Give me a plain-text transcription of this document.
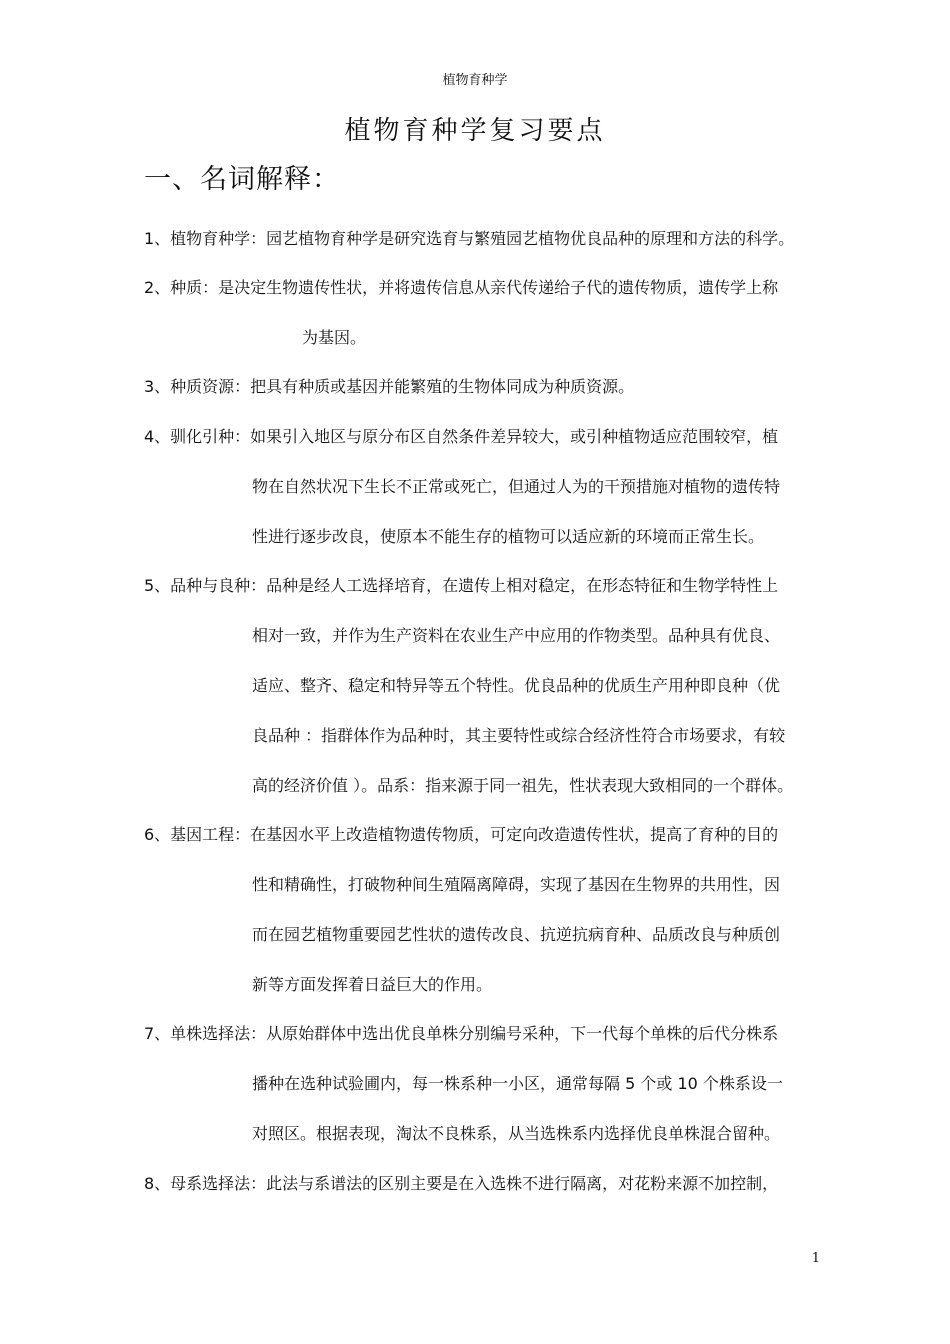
植物育种学
植物育种学复习要点
一、名词解释：
1、植物育种学：园艺植物育种学是研究选育与繁殖园艺植物优良品种的原理和方法的科学。
2、种质：是决定生物遗传性状，并将遗传信息从亲代传递给子代的遗传物质，遗传学上称
为基因。
3、种质资源：把具有种质或基因并能繁殖的生物体同成为种质资源。
4、驯化引种：如果引入地区与原分布区自然条件差异较大，或引种植物适应范围较窄，植
物在自然状况下生长不正常或死亡，但通过人为的干预措施对植物的遗传特
性进行逐步改良，使原本不能生存的植物可以适应新的环境而正常生长。
5、品种与良种：品种是经人工选择培育，在遗传上相对稳定，在形态特征和生物学特性上
相对一致，并作为生产资料在农业生产中应用的作物类型。品种具有优良、
适应、整齐、稳定和特异等五个特性。优良品种的优质生产用种即良种（优
良品种 ：指群体作为品种时，其主要特性或综合经济性符合市场要求，有较
高的经济价值 ）。品系：指来源于同一祖先，性状表现大致相同的一个群体。
6、基因工程：在基因水平上改造植物遗传物质，可定向改造遗传性状，提高了育种的目的
性和精确性，打破物种间生殖隔离障碍，实现了基因在生物界的共用性，因
而在园艺植物重要园艺性状的遗传改良、抗逆抗病育种、品质改良与种质创
新等方面发挥着日益巨大的作用。
7、单株选择法：从原始群体中选出优良单株分别编号采种，下一代每个单株的后代分株系
播种在选种试验圃内，每一株系种一小区，通常每隔 5 个或 10 个株系设一
对照区。根据表现，淘汰不良株系，从当选株系内选择优良单株混合留种。
8、母系选择法：此法与系谱法的区别主要是在入选株不进行隔离，对花粉来源不加控制，
1
